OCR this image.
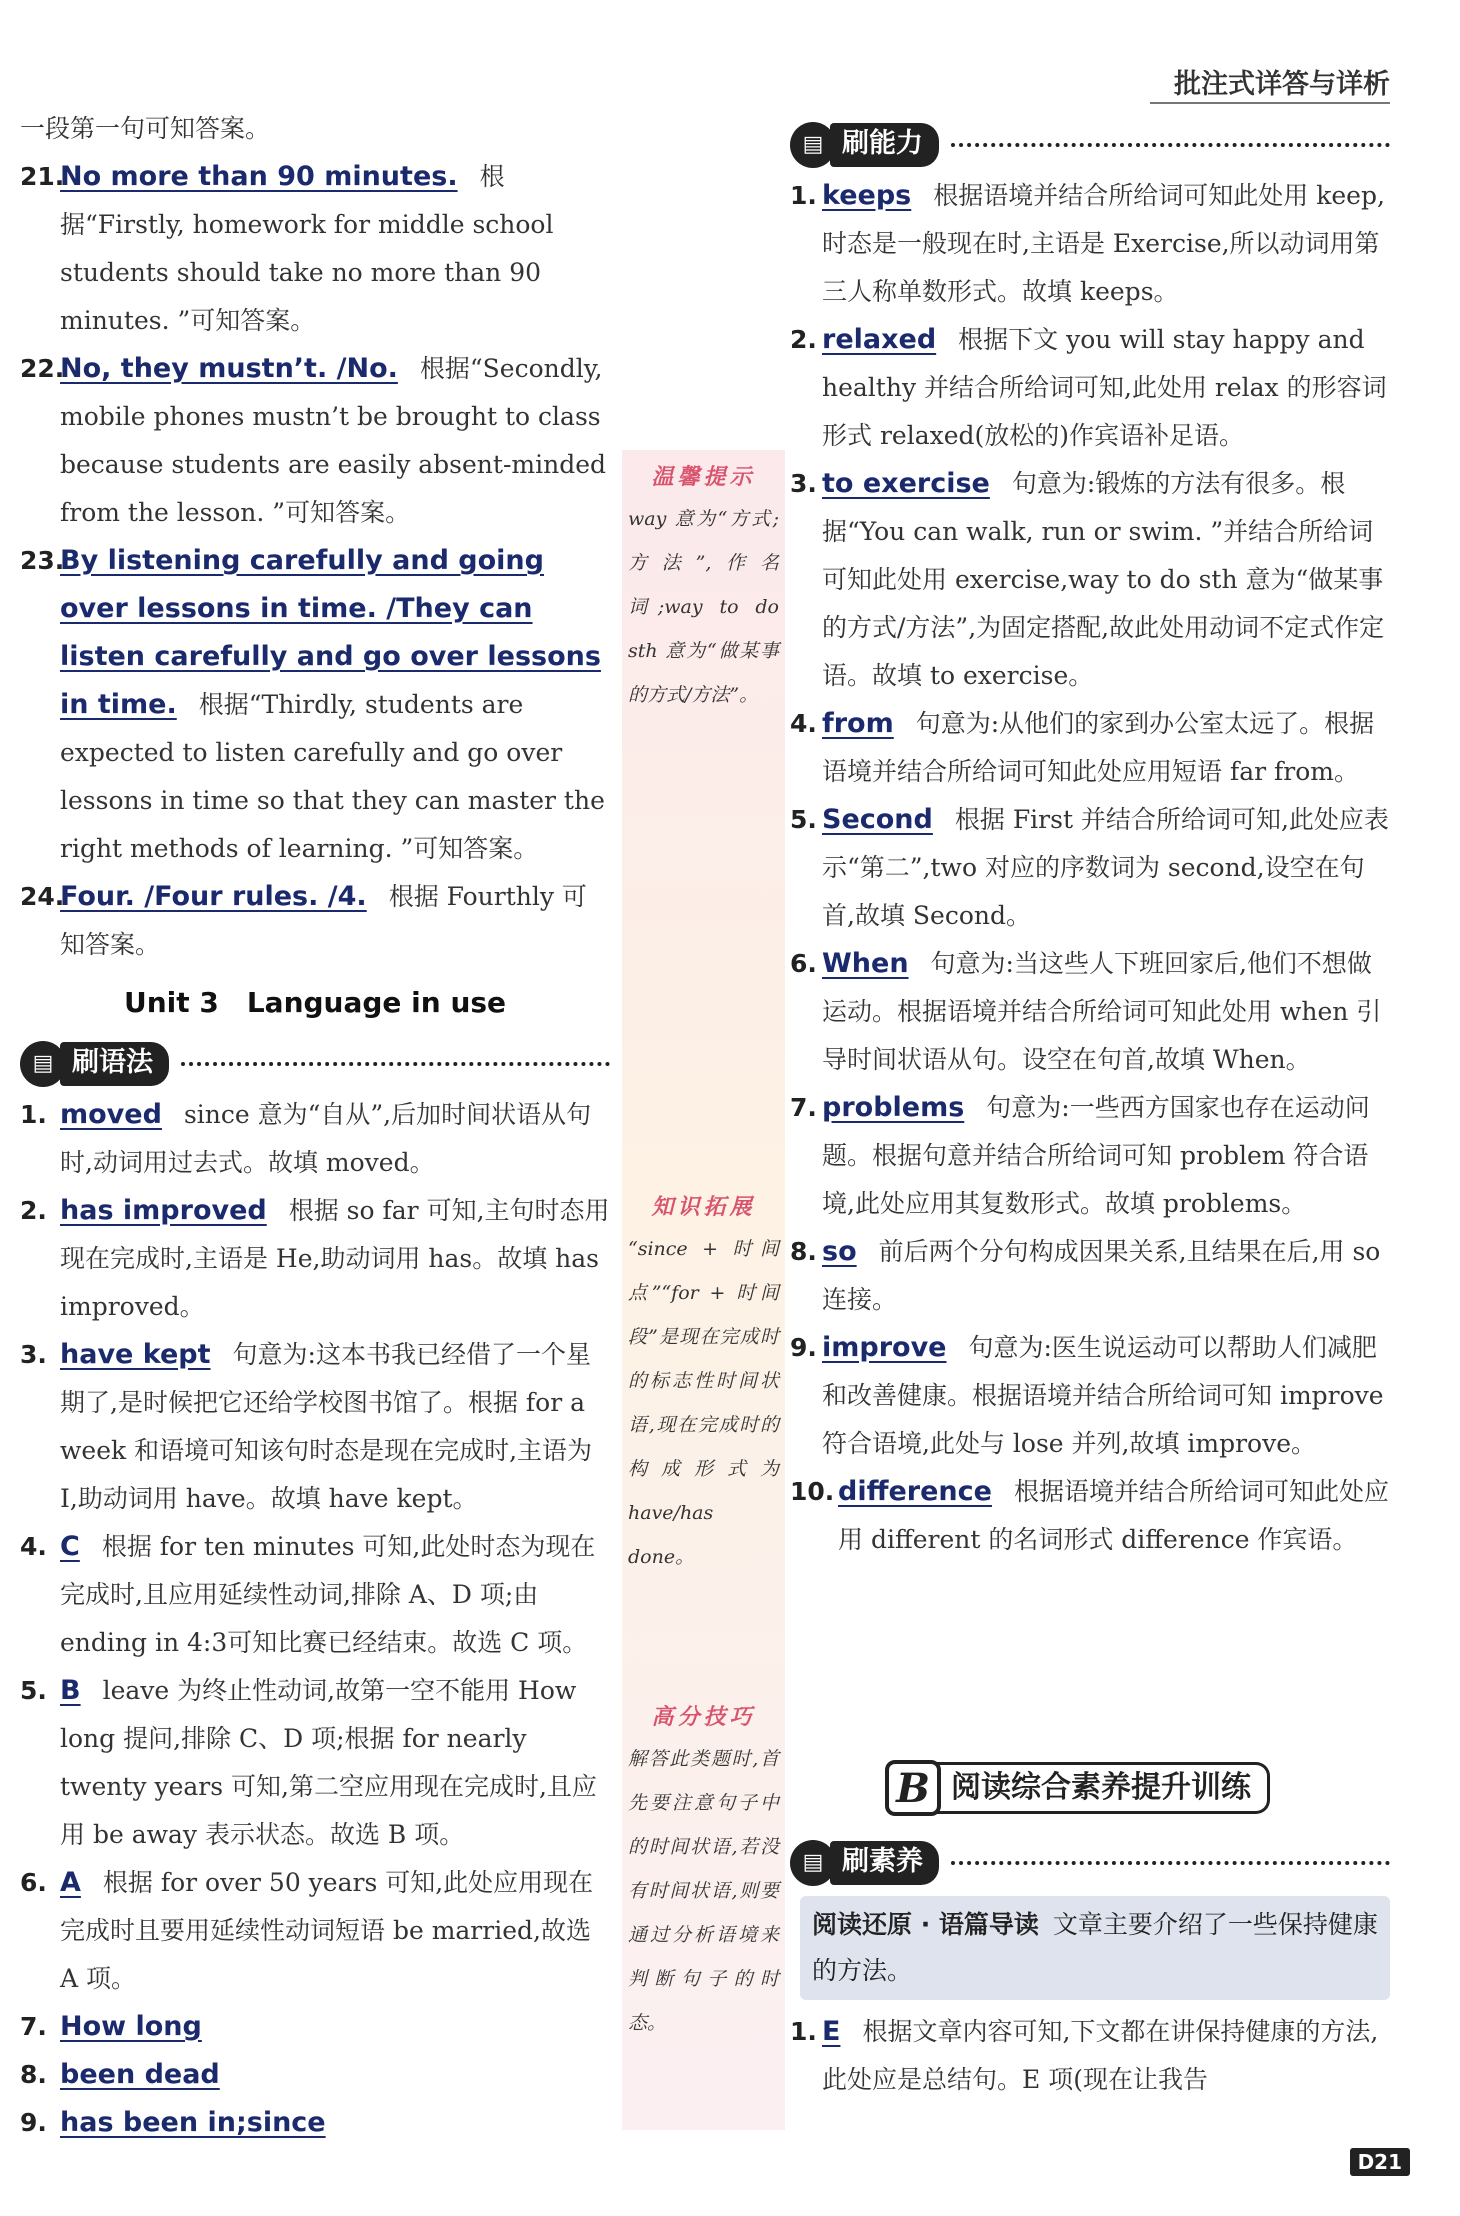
批注式详答与详析

一段第一句可知答案。

21.
No more than 90 minutes. 根据“Firstly, homework for middle school students should take no more than 90 minutes. ”可知答案。

22.
No, they mustn’t. /No. 根据“Secondly, mobile phones mustn’t be brought to class because students are easily absent-minded from the lesson. ”可知答案。

23.
By listening carefully and going over lessons in time. /They can listen carefully and go over lessons in time. 根据“Thirdly, students are expected to listen carefully and go over lessons in time so that they can master the right methods of learning. ”可知答案。

24.
Four. /Four rules. /4. 根据 Fourthly 可知答案。

Unit 3　Language in use
▤ 刷语法

1. moved since 意为“自从”,后加时间状语从句时,动词用过去式。故填 moved。

2. has improved 根据 so far 可知,主句时态用现在完成时,主语是 He,助动词用 has。故填 has improved。

3. have kept 句意为:这本书我已经借了一个星期了,是时候把它还给学校图书馆了。根据 for a week 和语境可知该句时态是现在完成时,主语为 I,助动词用 have。故填 have kept。

4. C 根据 for ten minutes 可知,此处时态为现在完成时,且应用延续性动词,排除 A、D 项;由 ending in 4:3可知比赛已经结束。故选 C 项。

5. B leave 为终止性动词,故第一空不能用 How long 提问,排除 C、D 项;根据 for nearly twenty years 可知,第二空应用现在完成时,且应用 be away 表示状态。故选 B 项。

6. A 根据 for over 50 years 可知,此处应用现在完成时且要用延续性动词短语 be married,故选 A 项。

7. How long

8. been dead

9. has been in;since

温馨提示
way 意为“方式;方法”,作名词;way to do sth 意为“做某事的方式/方法”。
知识拓展
“since + 时间点”“for + 时间段”是现在完成时的标志性时间状语,现在完成时的构成形式为 have/has done。
高分技巧
解答此类题时,首先要注意句子中的时间状语,若没有时间状语,则要通过分析语境来判断句子的时态。
▤ 刷能力

1. keeps 根据语境并结合所给词可知此处用 keep,时态是一般现在时,主语是 Exercise,所以动词用第三人称单数形式。故填 keeps。

2. relaxed 根据下文 you will stay happy and healthy 并结合所给词可知,此处用 relax 的形容词形式 relaxed(放松的)作宾语补足语。

3. to exercise 句意为:锻炼的方法有很多。根据“You can walk, run or swim. ”并结合所给词可知此处用 exercise,way to do sth 意为“做某事的方式/方法”,为固定搭配,故此处用动词不定式作定语。故填 to exercise。

4. from 句意为:从他们的家到办公室太远了。根据语境并结合所给词可知此处应用短语 far from。

5. Second 根据 First 并结合所给词可知,此处应表示“第二”,two 对应的序数词为 second,设空在句首,故填 Second。

6. When 句意为:当这些人下班回家后,他们不想做运动。根据语境并结合所给词可知此处用 when 引导时间状语从句。设空在句首,故填 When。

7. problems 句意为:一些西方国家也存在运动问题。根据句意并结合所给词可知 problem 符合语境,此处应用其复数形式。故填 problems。

8. so 前后两个分句构成因果关系,且结果在后,用 so 连接。

9. improve 句意为:医生说运动可以帮助人们减肥和改善健康。根据语境并结合所给词可知 improve 符合语境,此处与 lose 并列,故填 improve。

10. difference 根据语境并结合所给词可知此处应用 different 的名词形式 difference 作宾语。

B 阅读综合素养提升训练
▤ 刷素养
阅读还原 · 语篇导读 文章主要介绍了一些保持健康的方法。

1. E 根据文章内容可知,下文都在讲保持健康的方法,此处应是总结句。E 项(现在让我告

D21
